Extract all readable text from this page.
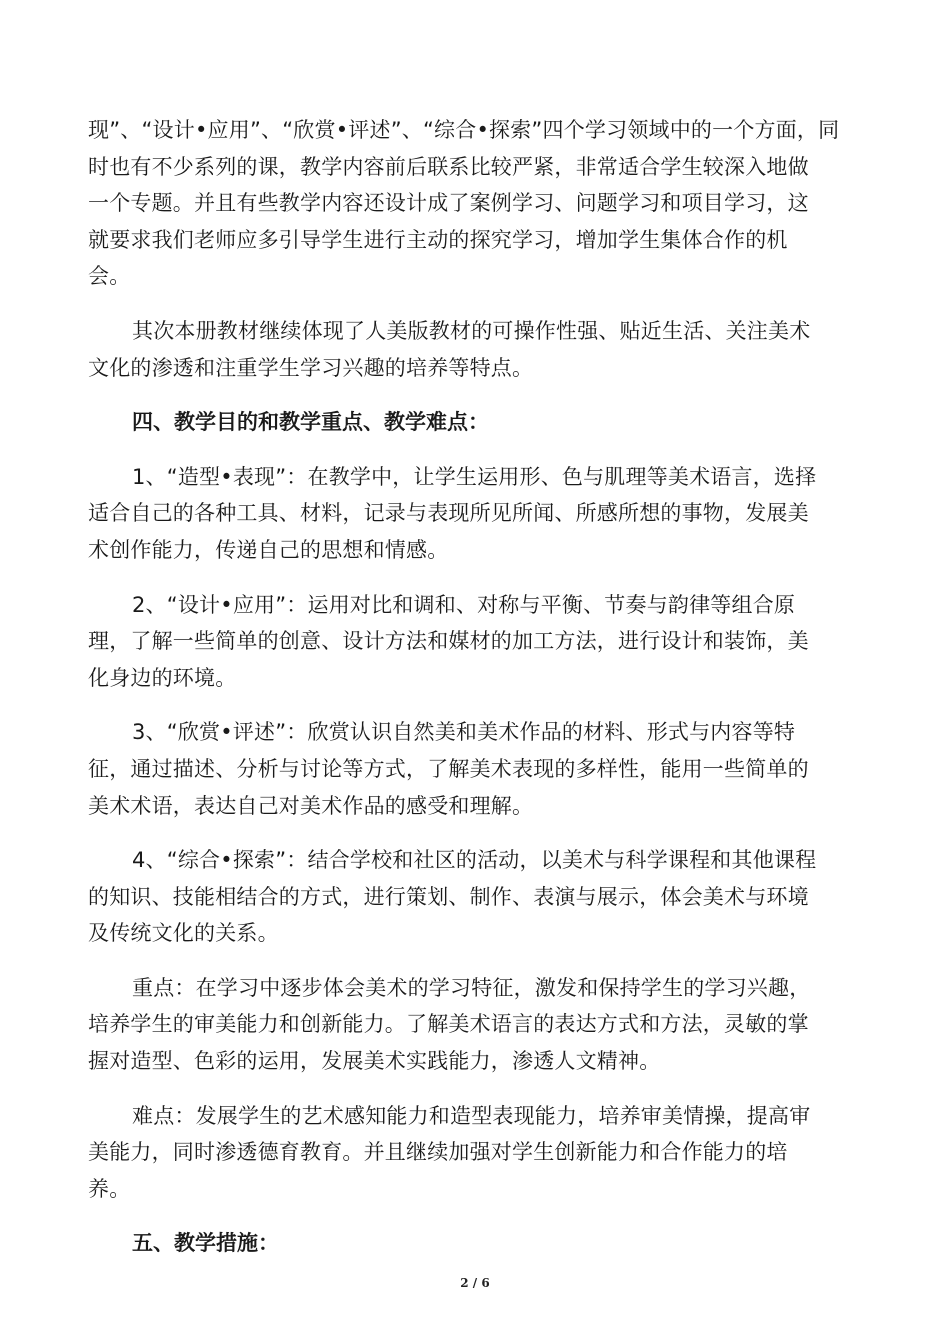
现”、“设计•应用”、“欣赏•评述”、“综合•探索”四个学习领域中的一个方面，同
时也有不少系列的课，教学内容前后联系比较严紧，非常适合学生较深入地做
一个专题。并且有些教学内容还设计成了案例学习、问题学习和项目学习，这
就要求我们老师应多引导学生进行主动的探究学习，增加学生集体合作的机
会。

其次本册教材继续体现了人美版教材的可操作性强、贴近生活、关注美术
文化的渗透和注重学生学习兴趣的培养等特点。

四、教学目的和教学重点、教学难点：

1、“造型•表现”：在教学中，让学生运用形、色与肌理等美术语言，选择
适合自己的各种工具、材料，记录与表现所见所闻、所感所想的事物，发展美
术创作能力，传递自己的思想和情感。

2、“设计•应用”：运用对比和调和、对称与平衡、节奏与韵律等组合原
理，了解一些简单的创意、设计方法和媒材的加工方法，进行设计和装饰，美
化身边的环境。

3、“欣赏•评述”：欣赏认识自然美和美术作品的材料、形式与内容等特
征，通过描述、分析与讨论等方式，了解美术表现的多样性，能用一些简单的
美术术语，表达自己对美术作品的感受和理解。

4、“综合•探索”：结合学校和社区的活动，以美术与科学课程和其他课程
的知识、技能相结合的方式，进行策划、制作、表演与展示，体会美术与环境
及传统文化的关系。

重点：在学习中逐步体会美术的学习特征，激发和保持学生的学习兴趣，
培养学生的审美能力和创新能力。了解美术语言的表达方式和方法，灵敏的掌
握对造型、色彩的运用，发展美术实践能力，渗透人文精神。

难点：发展学生的艺术感知能力和造型表现能力，培养审美情操，提高审
美能力，同时渗透德育教育。并且继续加强对学生创新能力和合作能力的培
养。

五、教学措施：

2 / 6
